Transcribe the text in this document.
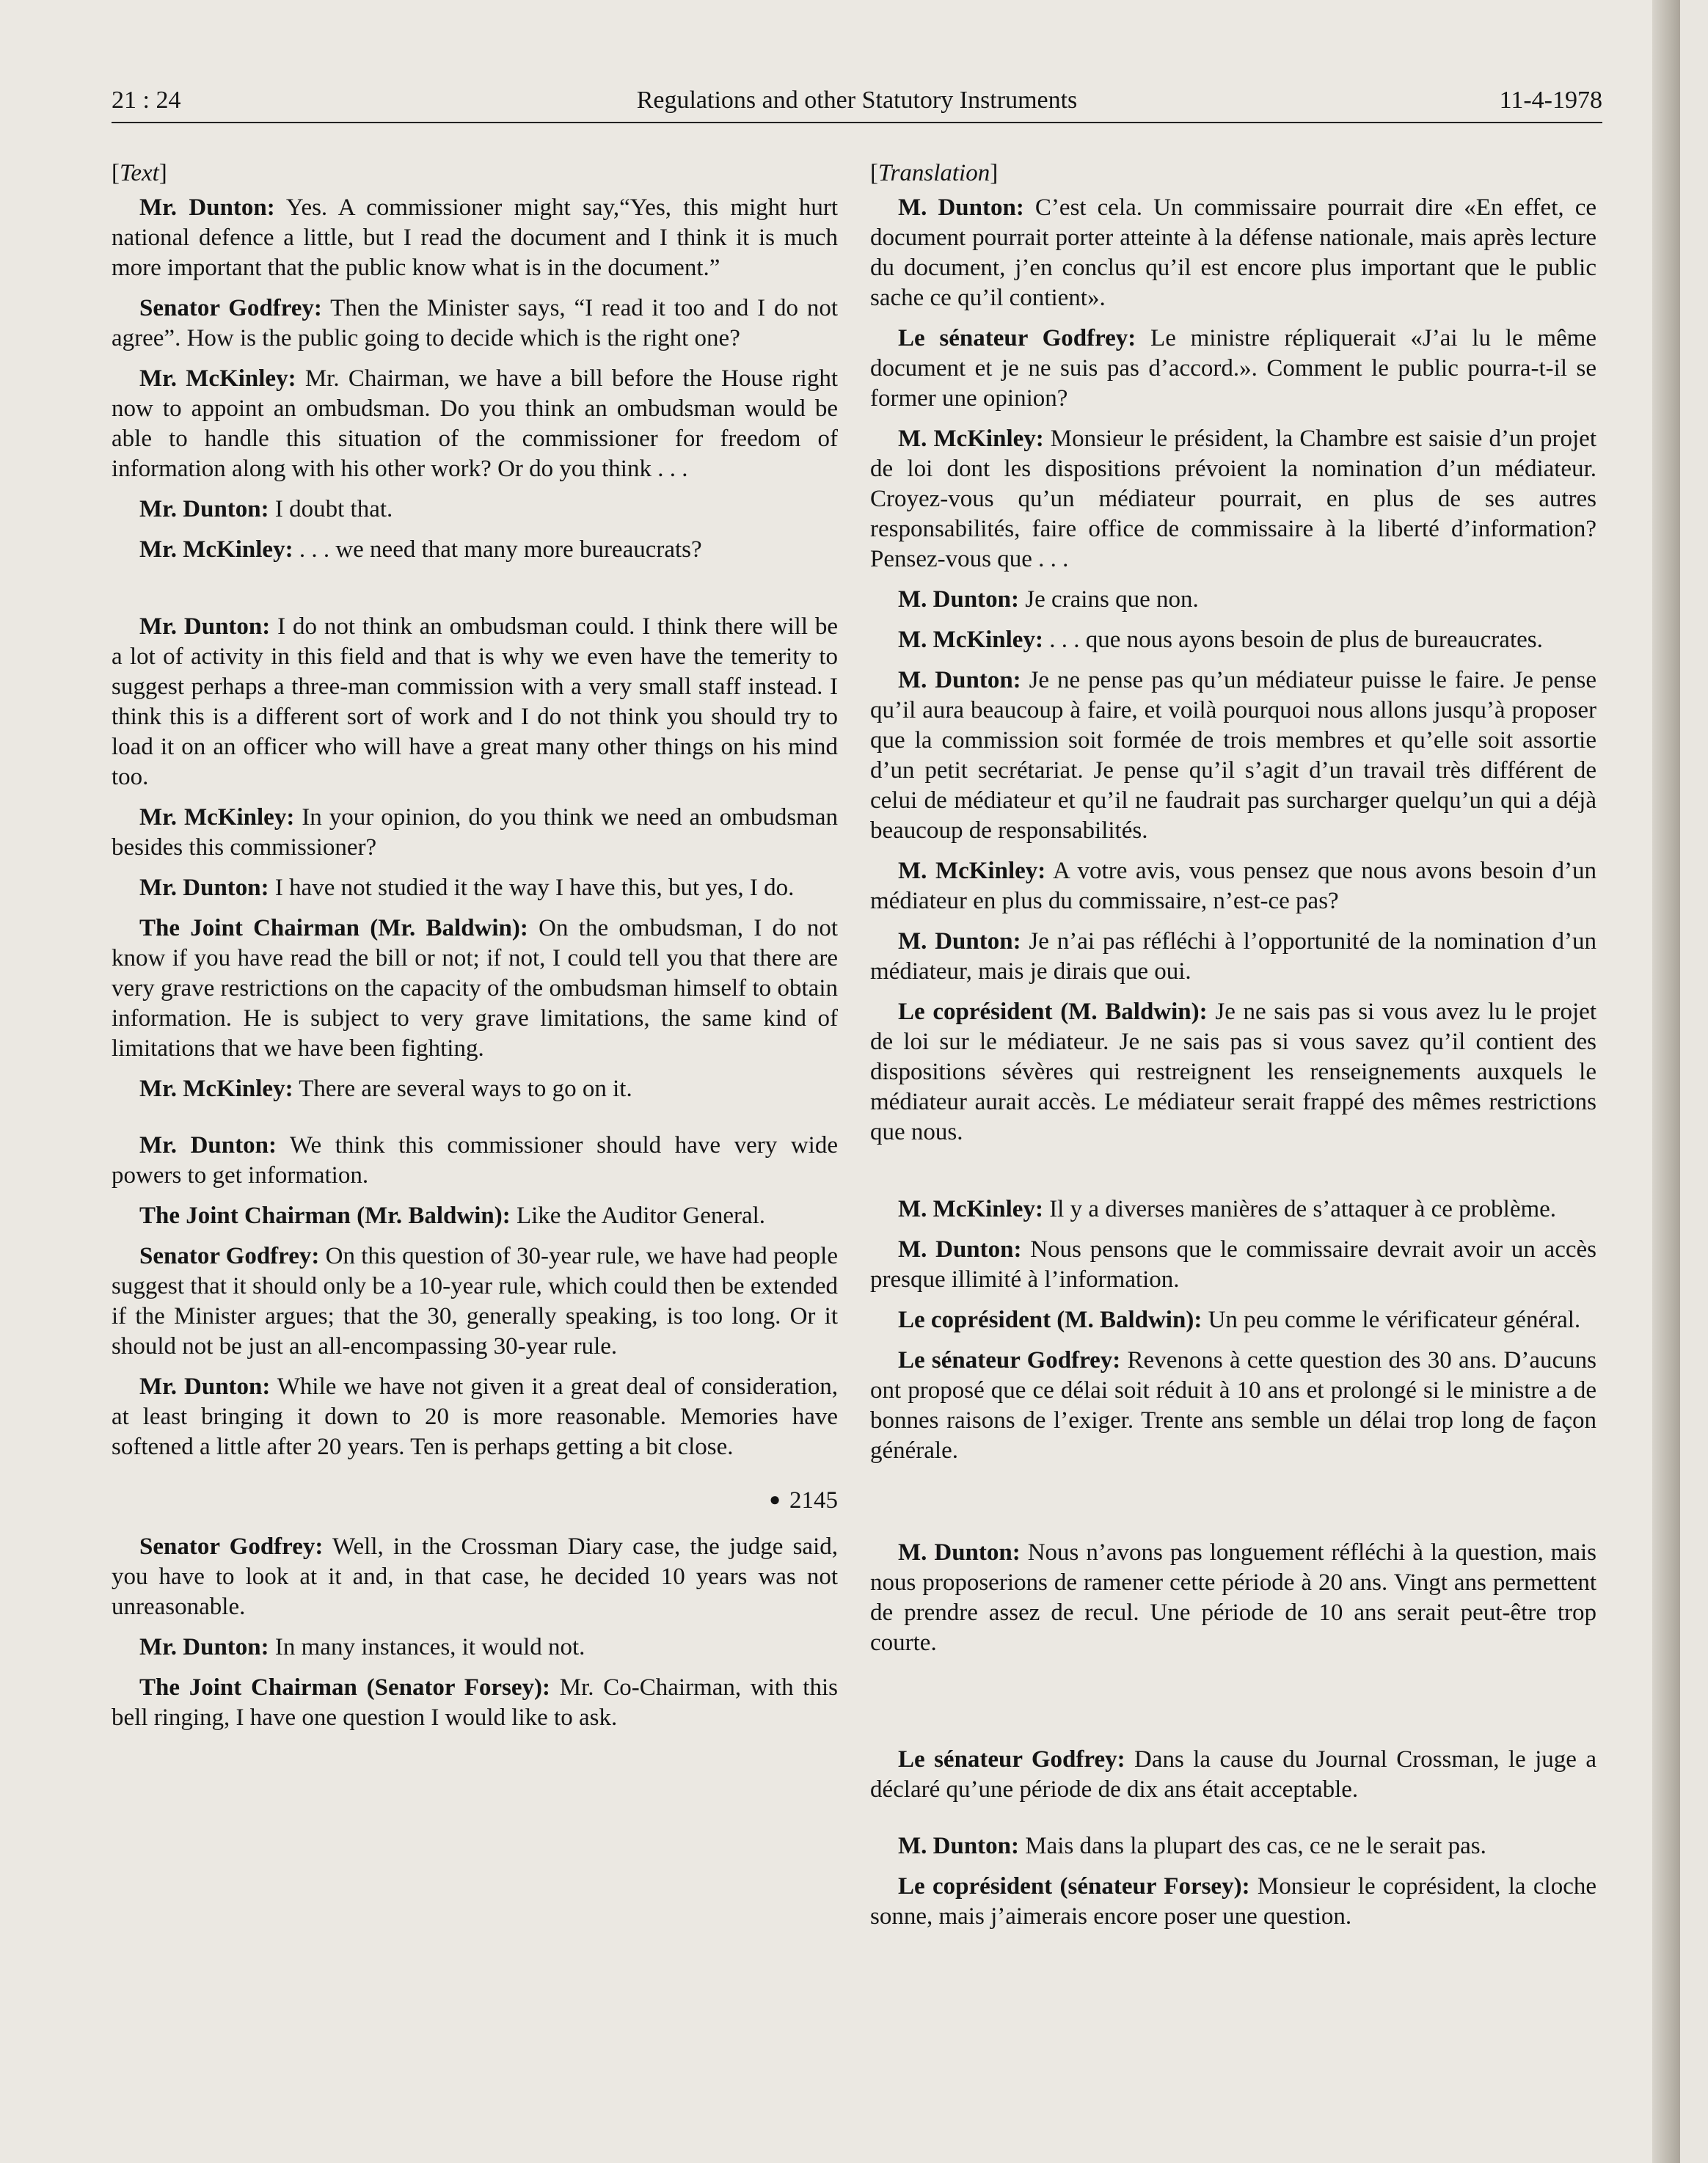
21 : 24	Regulations and other Statutory Instruments	11-4-1978

[Text]

Mr. Dunton: Yes. A commissioner might say,“Yes, this might hurt national defence a little, but I read the document and I think it is much more important that the public know what is in the document.”

Senator Godfrey: Then the Minister says, “I read it too and I do not agree”. How is the public going to decide which is the right one?

Mr. McKinley: Mr. Chairman, we have a bill before the House right now to appoint an ombudsman. Do you think an ombudsman would be able to handle this situation of the commissioner for freedom of information along with his other work? Or do you think . . .

Mr. Dunton: I doubt that.

Mr. McKinley: . . . we need that many more bureaucrats?

Mr. Dunton: I do not think an ombudsman could. I think there will be a lot of activity in this field and that is why we even have the temerity to suggest perhaps a three-man commission with a very small staff instead. I think this is a different sort of work and I do not think you should try to load it on an officer who will have a great many other things on his mind too.

Mr. McKinley: In your opinion, do you think we need an ombudsman besides this commissioner?

Mr. Dunton: I have not studied it the way I have this, but yes, I do.

The Joint Chairman (Mr. Baldwin): On the ombudsman, I do not know if you have read the bill or not; if not, I could tell you that there are very grave restrictions on the capacity of the ombudsman himself to obtain information. He is subject to very grave limitations, the same kind of limitations that we have been fighting.

Mr. McKinley: There are several ways to go on it.

Mr. Dunton: We think this commissioner should have very wide powers to get information.

The Joint Chairman (Mr. Baldwin): Like the Auditor General.

Senator Godfrey: On this question of 30-year rule, we have had people suggest that it should only be a 10-year rule, which could then be extended if the Minister argues; that the 30, generally speaking, is too long. Or it should not be just an all-encompassing 30-year rule.

Mr. Dunton: While we have not given it a great deal of consideration, at least bringing it down to 20 is more reasonable. Memories have softened a little after 20 years. Ten is perhaps getting a bit close.

● 2145

Senator Godfrey: Well, in the Crossman Diary case, the judge said, you have to look at it and, in that case, he decided 10 years was not unreasonable.

Mr. Dunton: In many instances, it would not.

The Joint Chairman (Senator Forsey): Mr. Co-Chairman, with this bell ringing, I have one question I would like to ask.

[Translation]

M. Dunton: C’est cela. Un commissaire pourrait dire «En effet, ce document pourrait porter atteinte à la défense nationale, mais après lecture du document, j’en conclus qu’il est encore plus important que le public sache ce qu’il contient».

Le sénateur Godfrey: Le ministre répliquerait «J’ai lu le même document et je ne suis pas d’accord.». Comment le public pourra-t-il se former une opinion?

M. McKinley: Monsieur le président, la Chambre est saisie d’un projet de loi dont les dispositions prévoient la nomination d’un médiateur. Croyez-vous qu’un médiateur pourrait, en plus de ses autres responsabilités, faire office de commissaire à la liberté d’information? Pensez-vous que . . .

M. Dunton: Je crains que non.

M. McKinley: . . . que nous ayons besoin de plus de bureaucrates.

M. Dunton: Je ne pense pas qu’un médiateur puisse le faire. Je pense qu’il aura beaucoup à faire, et voilà pourquoi nous allons jusqu’à proposer que la commission soit formée de trois membres et qu’elle soit assortie d’un petit secrétariat. Je pense qu’il s’agit d’un travail très différent de celui de médiateur et qu’il ne faudrait pas surcharger quelqu’un qui a déjà beaucoup de responsabilités.

M. McKinley: A votre avis, vous pensez que nous avons besoin d’un médiateur en plus du commissaire, n’est-ce pas?

M. Dunton: Je n’ai pas réfléchi à l’opportunité de la nomination d’un médiateur, mais je dirais que oui.

Le coprésident (M. Baldwin): Je ne sais pas si vous avez lu le projet de loi sur le médiateur. Je ne sais pas si vous savez qu’il contient des dispositions sévères qui restreignent les renseignements auxquels le médiateur aurait accès. Le médiateur serait frappé des mêmes restrictions que nous.

M. McKinley: Il y a diverses manières de s’attaquer à ce problème.

M. Dunton: Nous pensons que le commissaire devrait avoir un accès presque illimité à l’information.

Le coprésident (M. Baldwin): Un peu comme le vérificateur général.

Le sénateur Godfrey: Revenons à cette question des 30 ans. D’aucuns ont proposé que ce délai soit réduit à 10 ans et prolongé si le ministre a de bonnes raisons de l’exiger. Trente ans semble un délai trop long de façon générale.

M. Dunton: Nous n’avons pas longuement réfléchi à la question, mais nous proposerions de ramener cette période à 20 ans. Vingt ans permettent de prendre assez de recul. Une période de 10 ans serait peut-être trop courte.

Le sénateur Godfrey: Dans la cause du Journal Crossman, le juge a déclaré qu’une période de dix ans était acceptable.

M. Dunton: Mais dans la plupart des cas, ce ne le serait pas.

Le coprésident (sénateur Forsey): Monsieur le coprésident, la cloche sonne, mais j’aimerais encore poser une question.
